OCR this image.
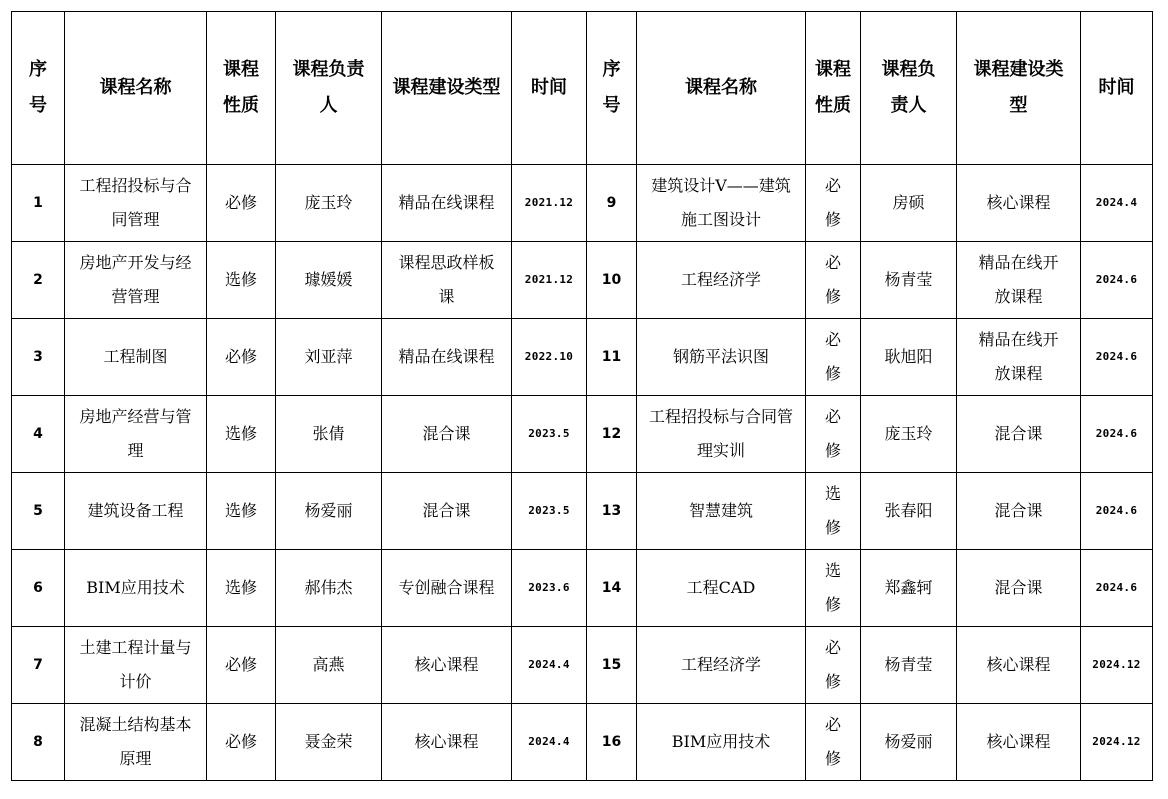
序号	课程名称	课程性质	课程负责人	课程建设类型	时间	序号	课程名称	课程性质	课程负责人	课程建设类型	时间
1	工程招投标与合同管理	必修	庞玉玲	精品在线课程	2021.12	9	建筑设计V——建筑施工图设计	必修	房硕	核心课程	2024.4
2	房地产开发与经营管理	选修	璩媛媛	课程思政样板课	2021.12	10	工程经济学	必修	杨青莹	精品在线开放课程	2024.6
3	工程制图	必修	刘亚萍	精品在线课程	2022.10	11	钢筋平法识图	必修	耿旭阳	精品在线开放课程	2024.6
4	房地产经营与管理	选修	张倩	混合课	2023.5	12	工程招投标与合同管理实训	必修	庞玉玲	混合课	2024.6
5	建筑设备工程	选修	杨爱丽	混合课	2023.5	13	智慧建筑	选修	张春阳	混合课	2024.6
6	BIM应用技术	选修	郝伟杰	专创融合课程	2023.6	14	工程CAD	选修	郑鑫轲	混合课	2024.6
7	土建工程计量与计价	必修	高燕	核心课程	2024.4	15	工程经济学	必修	杨青莹	核心课程	2024.12
8	混凝土结构基本原理	必修	聂金荣	核心课程	2024.4	16	BIM应用技术	必修	杨爱丽	核心课程	2024.12
